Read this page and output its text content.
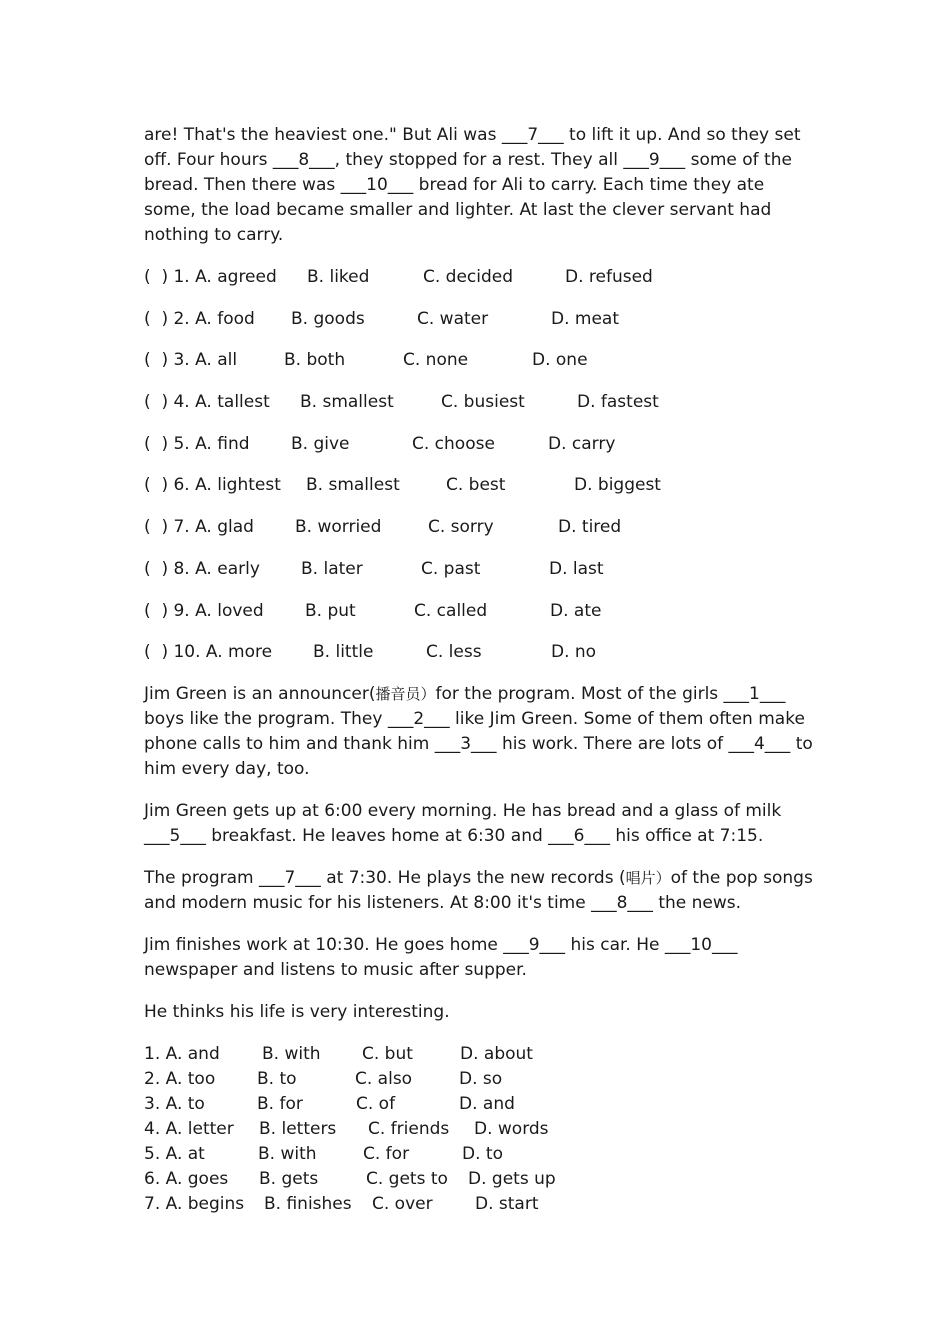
are! That's the heaviest one." But Ali was ___7___ to lift it up. And so they set
off. Four hours ___8___, they stopped for a rest. They all ___9___ some of the
bread. Then there was ___10___ bread for Ali to carry. Each time they ate
some, the load became smaller and lighter. At last the clever servant had
nothing to carry.
(  ) 1. A. agreed B. liked	C. decided	D. refused
(  ) 2. A. food B. goods	C. water	D. meat
(  ) 3. A. all	B. both	C. none	D. one
(  ) 4. A. tallest B. smallest	C. busiest	D. fastest
(  ) 5. A. find B. give	C. choose	D. carry
(  ) 6. A. lightest B. smallest	C. best	D. biggest
(  ) 7. A. glad B. worried	C. sorry	D. tired
(  ) 8. A. early B. later	C. past	D. last
(  ) 9. A. loved B. put	C. called	D. ate
(  ) 10. A. more B. little	C. less	D. no
Jim Green is an announcer(播音员）for the program. Most of the girls ___1___
boys like the program. They ___2___ like Jim Green. Some of them often make
phone calls to him and thank him ___3___ his work. There are lots of ___4___ to
him every day, too.
Jim Green gets up at 6:00 every morning. He has bread and a glass of milk
___5___ breakfast. He leaves home at 6:30 and ___6___ his office at 7:15.
The program ___7___ at 7:30. He plays the new records (唱片）of the pop songs
and modern music for his listeners. At 8:00 it's time ___8___ the news.
Jim finishes work at 10:30. He goes home ___9___ his car. He ___10___
newspaper and listens to music after supper.
He thinks his life is very interesting.
1. A. and B. with C. but	D. about
2. A. too B. to	C. also	D. so
3. A. to	B. for	C. of	D. and
4. A. letter B. letters C. friends D. words
5. A. at	B. with	C. for	D. to
6. A. goes B. gets	C. gets to D. gets up
7. A. begins B. finishes C. over D. start
